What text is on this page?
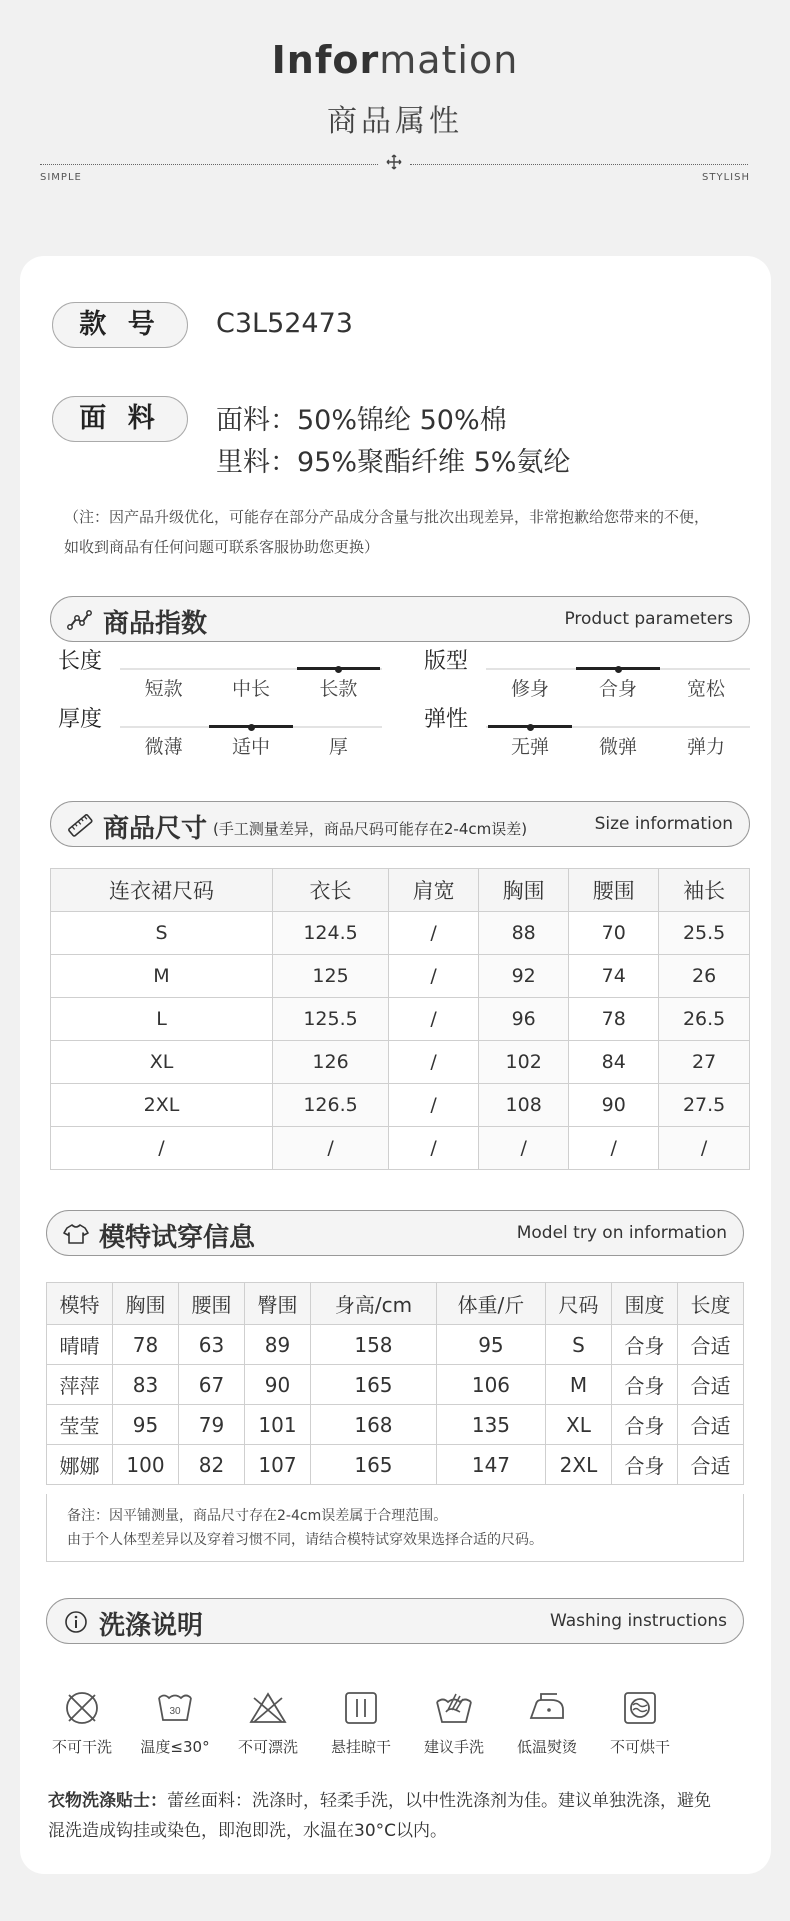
Information
商品属性
SIMPLE	STYLISH
款 号	C3L52473
面 料	面料：50%锦纶 50%棉
里料：95%聚酯纤维 5%氨纶
（注：因产品升级优化，可能存在部分产品成分含量与批次出现差异，非常抱歉给您带来的不便，
如收到商品有任何问题可联系客服协助您更换）
商品指数	Product parameters
长度
短款	中长	长款
版型
修身	合身	宽松
厚度
微薄	适中	厚
弹性
无弹	微弹	弹力
商品尺寸 (手工测量差异，商品尺码可能存在2-4cm误差)	Size information
连衣裙尺码	衣长	肩宽	胸围	腰围	袖长
S	124.5	/	88	70	25.5
M	125	/	92	74	26
L	125.5	/	96	78	26.5
XL	126	/	102	84	27
2XL	126.5	/	108	90	27.5
/	/	/	/	/	/
模特试穿信息	Model try on information
模特	胸围	腰围	臀围	身高/cm	体重/斤	尺码	围度	长度
晴晴	78	63	89	158	95	S	合身	合适
萍萍	83	67	90	165	106	M	合身	合适
莹莹	95	79	101	168	135	XL	合身	合适
娜娜	100	82	107	165	147	2XL	合身	合适
备注：因平铺测量，商品尺寸存在2-4cm误差属于合理范围。
由于个人体型差异以及穿着习惯不同，请结合模特试穿效果选择合适的尺码。
洗涤说明	Washing instructions
不可干洗
30
温度≤30°	不可漂洗	悬挂晾干	建议手洗	低温熨烫	不可烘干
衣物洗涤贴士：蕾丝面料：洗涤时，轻柔手洗，以中性洗涤剂为佳。建议单独洗涤，避免
混洗造成钩挂或染色，即泡即洗，水温在30°C以内。
